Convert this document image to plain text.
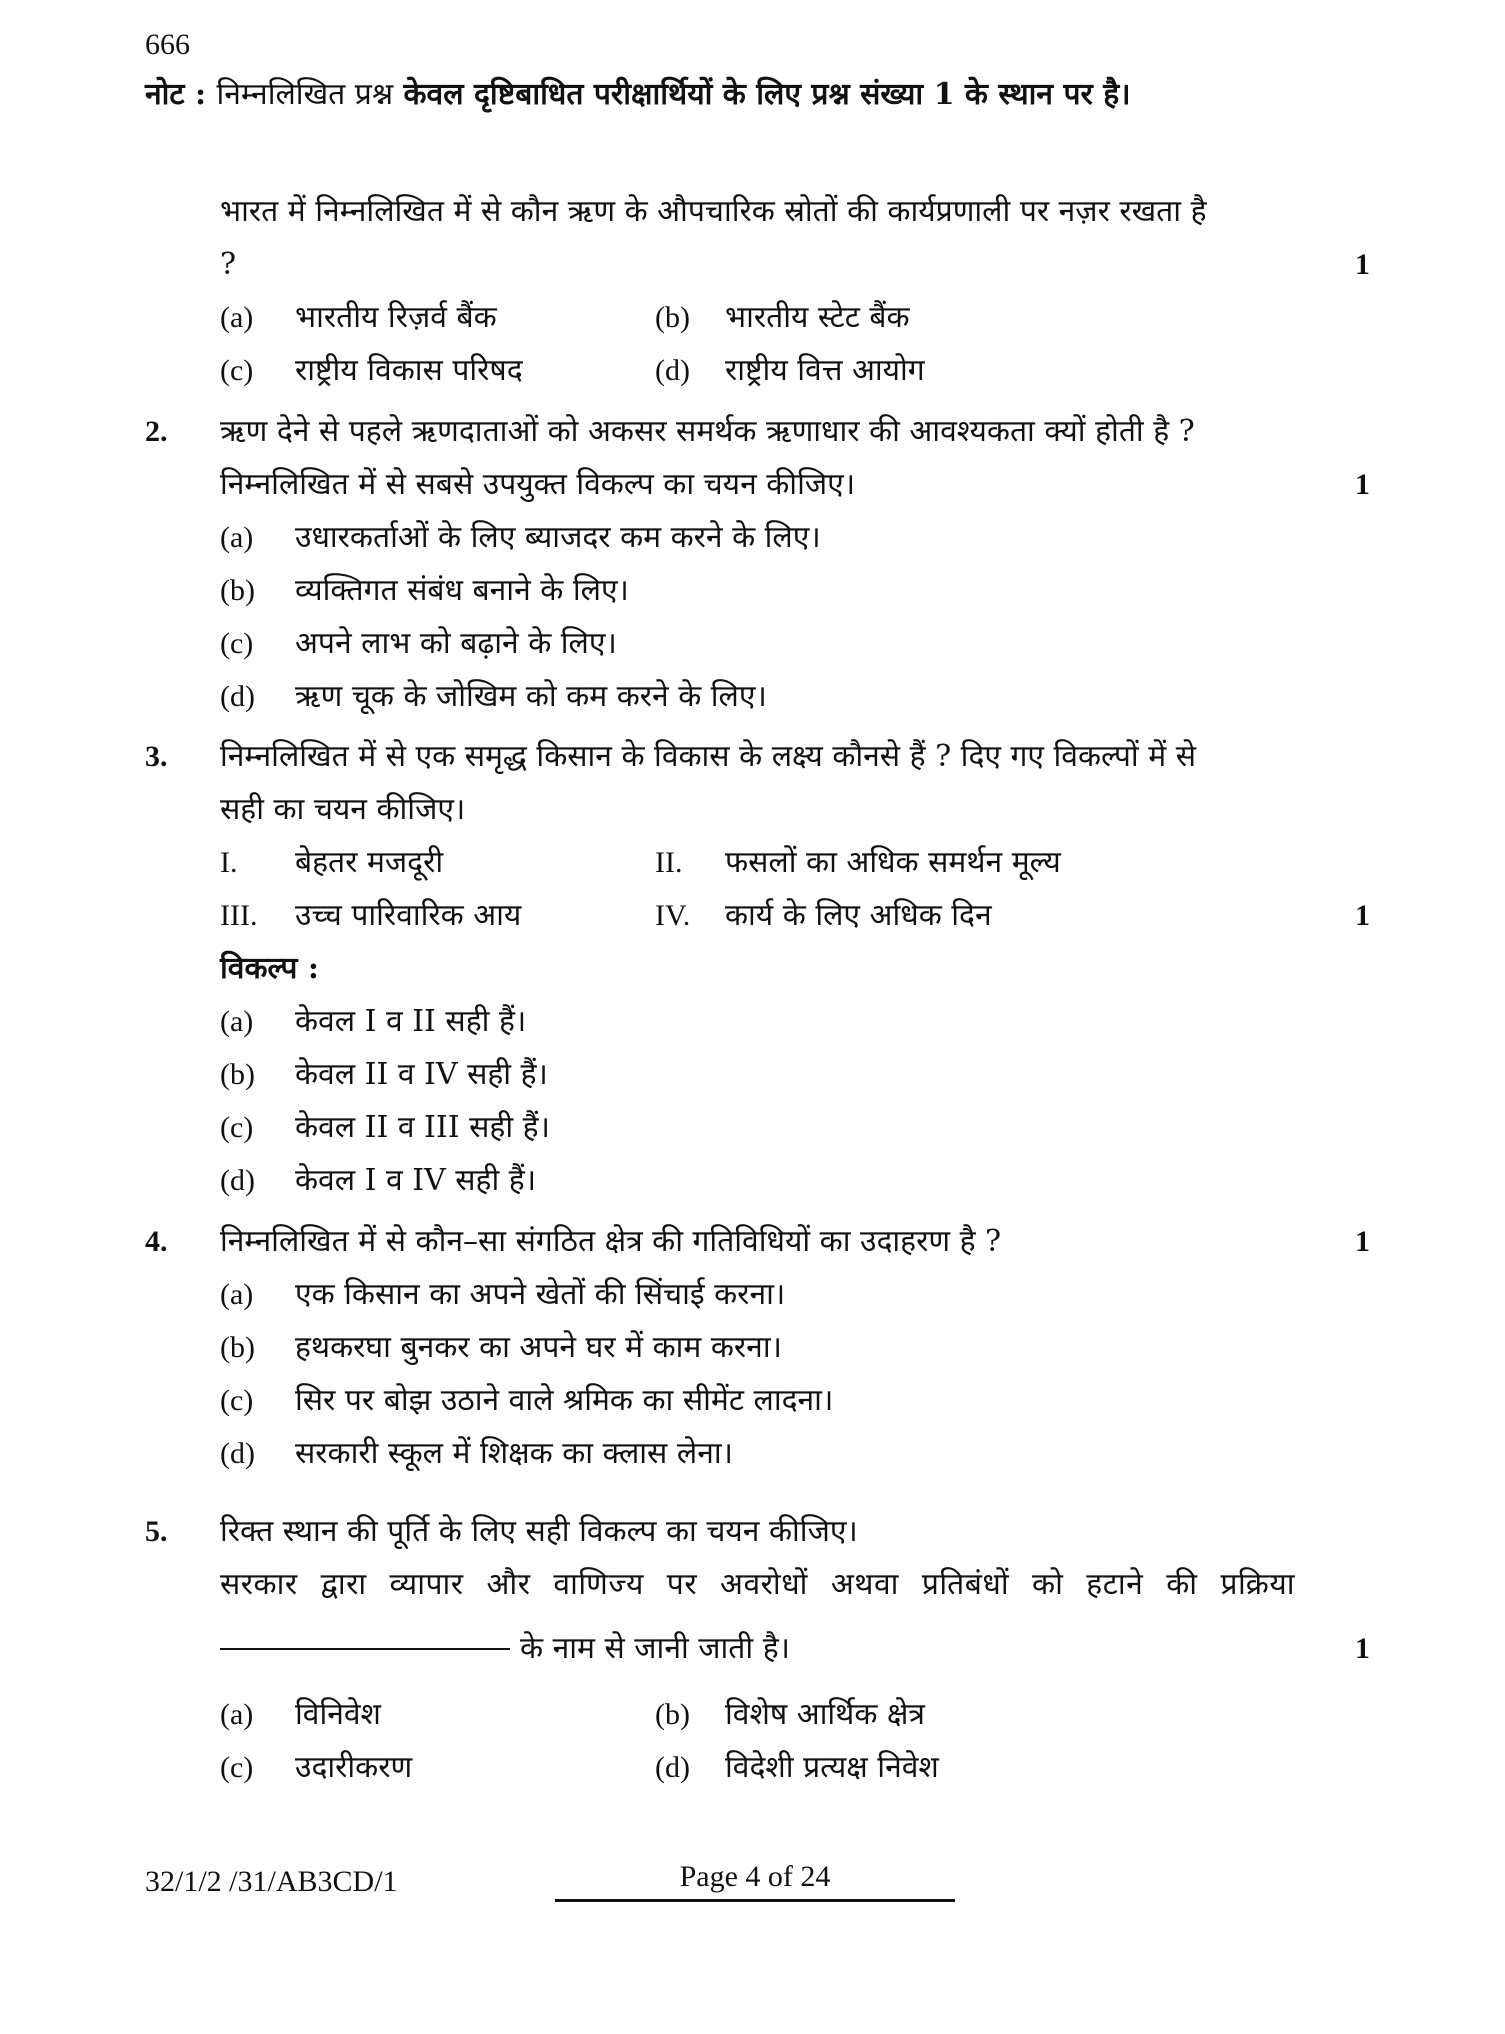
666
नोट : निम्नलिखित प्रश्न केवल दृष्टिबाधित परीक्षार्थियों के लिए प्रश्न संख्या 1 के स्थान पर है।
भारत में निम्नलिखित में से कौन ऋण के औपचारिक स्रोतों की कार्यप्रणाली पर नज़र रखता है ?	1
(a) भारतीय रिज़र्व बैंक	(b) भारतीय स्टेट बैंक
(c) राष्ट्रीय विकास परिषद	(d) राष्ट्रीय वित्त आयोग
2. ऋण देने से पहले ऋणदाताओं को अकसर समर्थक ऋणाधार की आवश्यकता क्यों होती है ? निम्नलिखित में से सबसे उपयुक्त विकल्प का चयन कीजिए।	1
(a) उधारकर्ताओं के लिए ब्याजदर कम करने के लिए।
(b) व्यक्तिगत संबंध बनाने के लिए।
(c) अपने लाभ को बढ़ाने के लिए।
(d) ऋण चूक के जोखिम को कम करने के लिए।
3. निम्नलिखित में से एक समृद्ध किसान के विकास के लक्ष्य कौनसे हैं ? दिए गए विकल्पों में से सही का चयन कीजिए।
I. बेहतर मजदूरी	II. फसलों का अधिक समर्थन मूल्य
III. उच्च पारिवारिक आय	IV. कार्य के लिए अधिक दिन	1
विकल्प :
(a) केवल I व II सही हैं।
(b) केवल II व IV सही हैं।
(c) केवल II व III सही हैं।
(d) केवल I व IV सही हैं।
4. निम्नलिखित में से कौन–सा संगठित क्षेत्र की गतिविधियों का उदाहरण है ?	1
(a) एक किसान का अपने खेतों की सिंचाई करना।
(b) हथकरघा बुनकर का अपने घर में काम करना।
(c) सिर पर बोझ उठाने वाले श्रमिक का सीमेंट लादना।
(d) सरकारी स्कूल में शिक्षक का क्लास लेना।
5. रिक्त स्थान की पूर्ति के लिए सही विकल्प का चयन कीजिए।
सरकार द्वारा व्यापार और वाणिज्य पर अवरोधों अथवा प्रतिबंधों को हटाने की प्रक्रिया
के नाम से जानी जाती है।	1
(a) विनिवेश	(b) विशेष आर्थिक क्षेत्र
(c) उदारीकरण	(d) विदेशी प्रत्यक्ष निवेश
32/1/2 /31/AB3CD/1	Page 4 of 24
